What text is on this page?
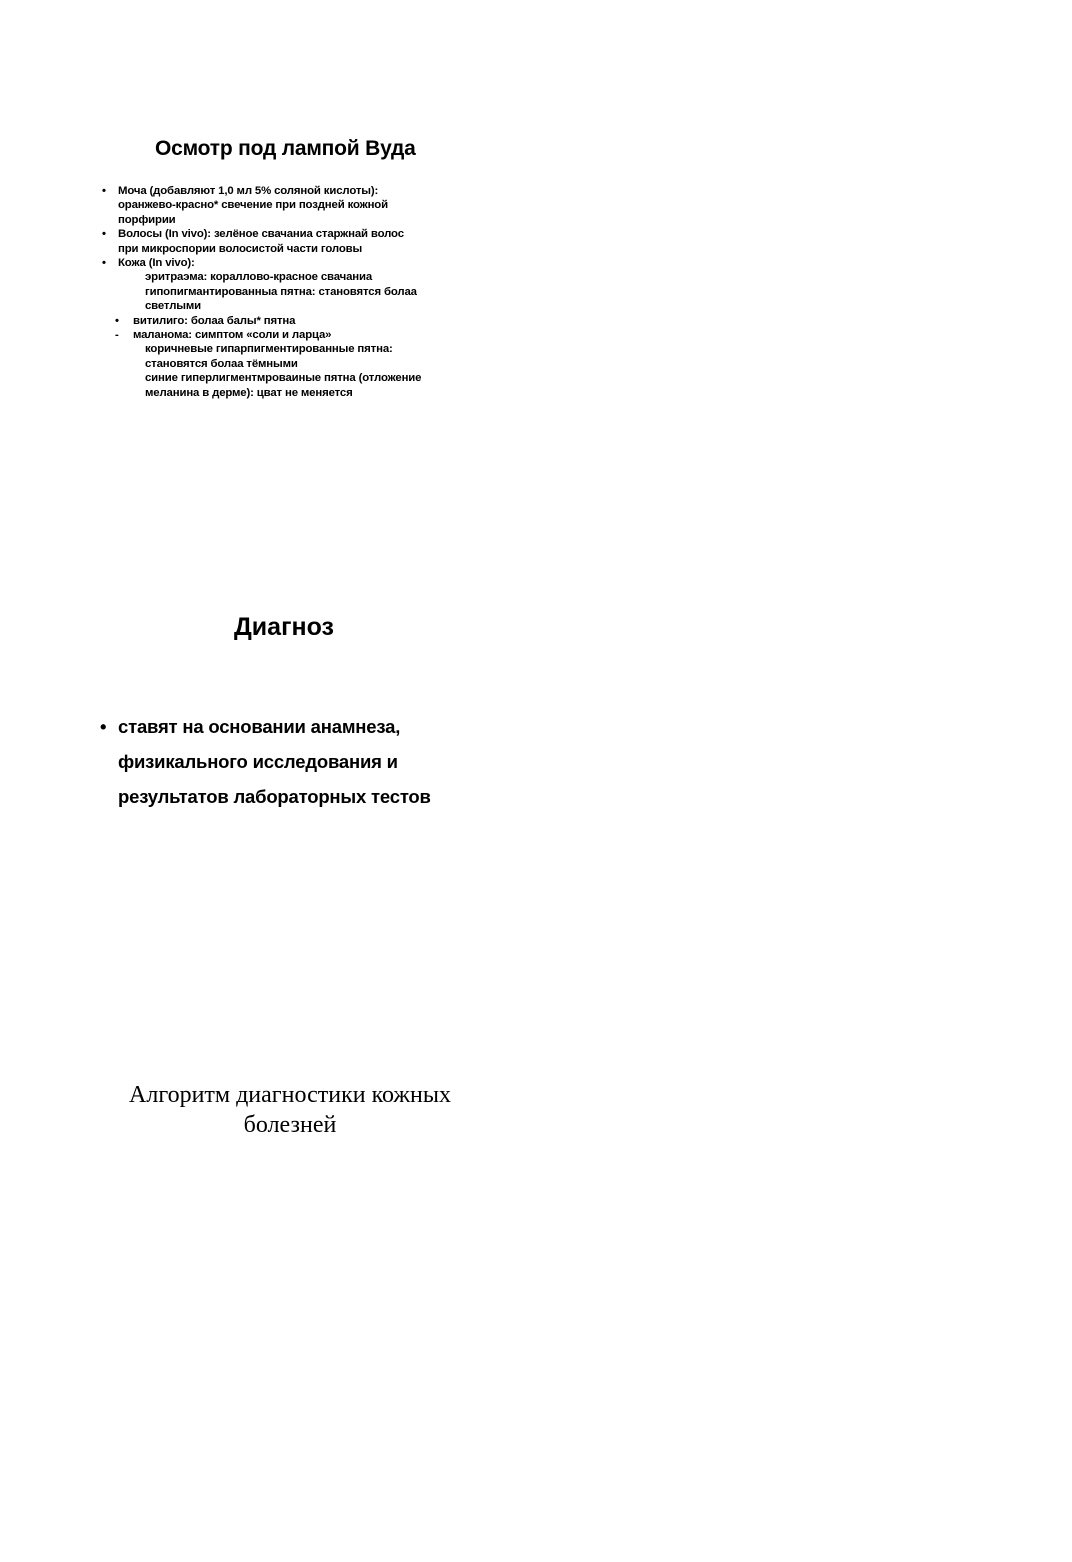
Осмотр под лампой Вуда
• Моча (добавляют 1,0 мл 5% соляной кислоты):
оранжево-красно* свечение при поздней кожной
порфирии
• Волосы (In vivo): зелёное свачаниа старжнай волос
при микроспории волосистой части головы
• Кожа (In vivo):
эритраэма: кораллово-красное свачаниа
гипопигмантированныа пятна: становятся болаа
светлыми
• витилиго: болаа балы* пятна
- маланома: симптом «соли и ларца»
коричневые гипарпигментированные пятна:
становятся болаа тёмными
синие гиперлигментмроваиные пятна (отложение
меланина в дерме): цват не меняется
Диагноз
• ставят на основании анамнеза,
физикального исследования и
результатов лабораторных тестов
Алгоритм диагностики кожных
болезней
